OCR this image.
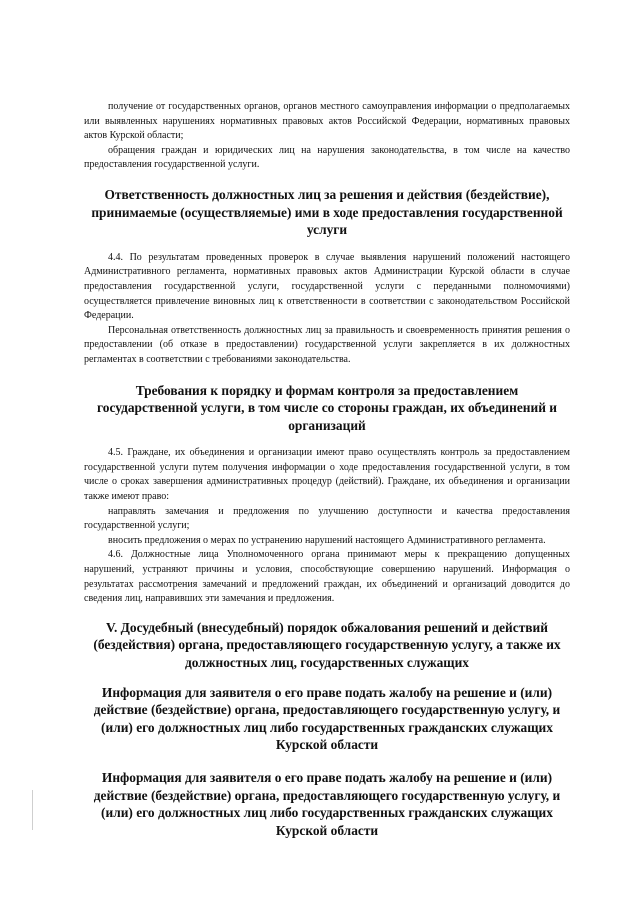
получение от государственных органов, органов местного самоуправления информации о предполагаемых или выявленных нарушениях нормативных правовых актов Российской Федерации, нормативных правовых актов Курской области;

обращения граждан и юридических лиц на нарушения законодательства, в том числе на качество предоставления государственной услуги.

Ответственность должностных лиц за решения и действия (бездействие), принимаемые (осуществляемые) ими в ходе предоставления государственной услуги

4.4. По результатам проведенных проверок в случае выявления нарушений положений настоящего Административного регламента, нормативных правовых актов Администрации Курской области в случае предоставления государственной услуги, государственной услуги с переданными полномочиями) осуществляется привлечение виновных лиц к ответственности в соответствии с законодательством Российской Федерации.

Персональная ответственность должностных лиц за правильность и своевременность принятия решения о предоставлении (об отказе в предоставлении) государственной услуги закрепляется в их должностных регламентах в соответствии с требованиями законодательства.

Требования к порядку и формам контроля за предоставлением государственной услуги, в том числе со стороны граждан, их объединений и организаций

4.5. Граждане, их объединения и организации имеют право осуществлять контроль за предоставлением государственной услуги путем получения информации о ходе предоставления государственной услуги, в том числе о сроках завершения административных процедур (действий). Граждане, их объединения и организации также имеют право:

направлять замечания и предложения по улучшению доступности и качества предоставления государственной услуги;

вносить предложения о мерах по устранению нарушений настоящего Административного регламента.

4.6. Должностные лица Уполномоченного органа принимают меры к прекращению допущенных нарушений, устраняют причины и условия, способствующие совершению нарушений. Информация о результатах рассмотрения замечаний и предложений граждан, их объединений и организаций доводится до сведения лиц, направивших эти замечания и предложения.

V. Досудебный (внесудебный) порядок обжалования решений и действий (бездействия) органа, предоставляющего государственную услугу, а также их должностных лиц, государственных служащих
Информация для заявителя о его праве подать жалобу на решение и (или) действие (бездействие) органа, предоставляющего государственную услугу, и (или) его должностных лиц либо государственных гражданских служащих Курской области
Информация для заявителя о его праве подать жалобу на решение и (или) действие (бездействие) органа, предоставляющего государственную услугу, и (или) его должностных лиц либо государственных гражданских служащих Курской области
